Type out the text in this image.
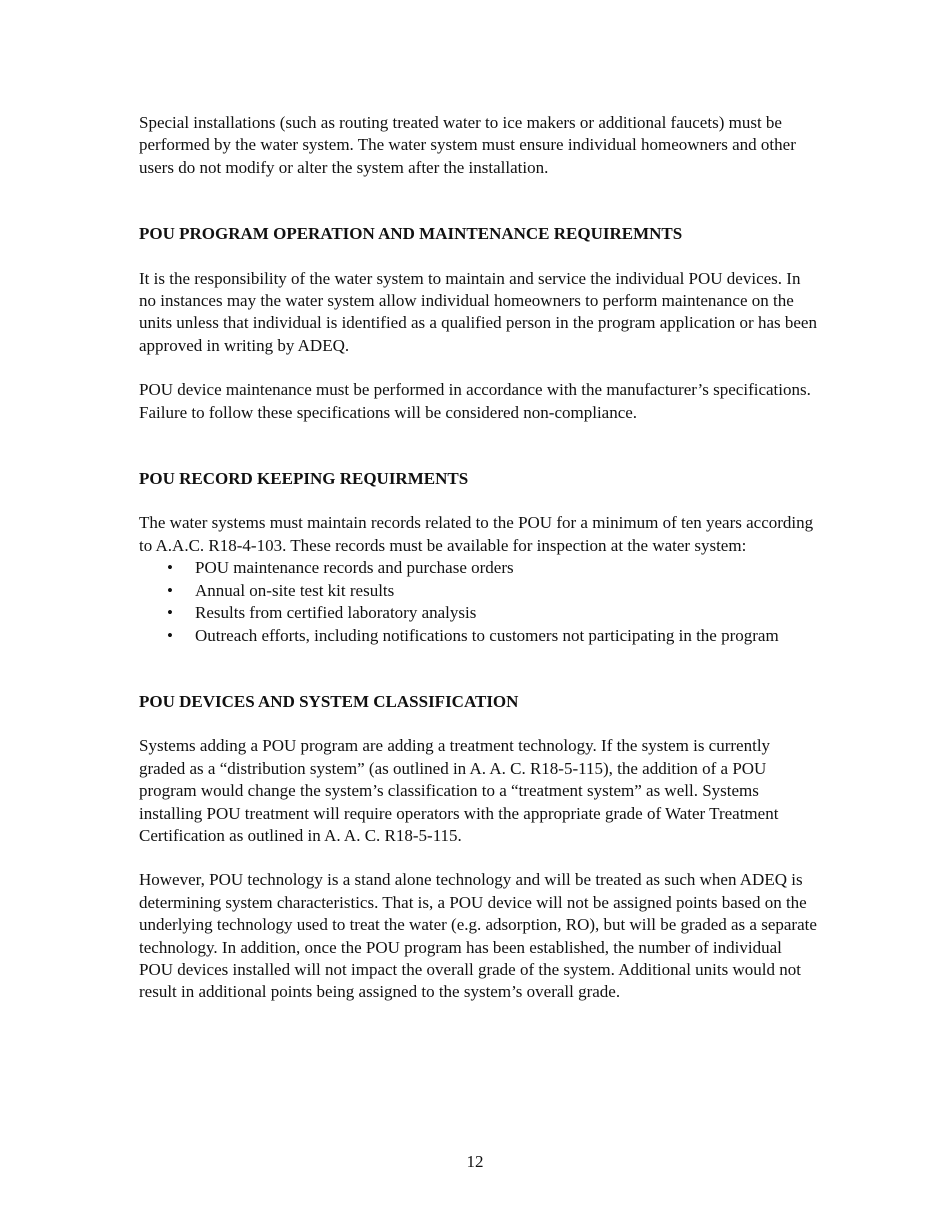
Special installations (such as routing treated water to ice makers or additional faucets) must be performed by the water system. The water system must ensure individual homeowners and other users do not modify or alter the system after the installation.

POU PROGRAM OPERATION AND MAINTENANCE REQUIREMNTS

It is the responsibility of the water system to maintain and service the individual POU devices. In no instances may the water system allow individual homeowners to perform maintenance on the units unless that individual is identified as a qualified person in the program application or has been approved in writing by ADEQ.

POU device maintenance must be performed in accordance with the manufacturer’s specifications. Failure to follow these specifications will be considered non-compliance.

POU RECORD KEEPING REQUIRMENTS

The water systems must maintain records related to the POU for a minimum of ten years according to A.A.C. R18-4-103. These records must be available for inspection at the water system:

• POU maintenance records and purchase orders
• Annual on-site test kit results
• Results from certified laboratory analysis
• Outreach efforts, including notifications to customers not participating in the program
POU DEVICES AND SYSTEM CLASSIFICATION

Systems adding a POU program are adding a treatment technology. If the system is currently graded as a “distribution system” (as outlined in A. A. C. R18-5-115), the addition of a POU program would change the system’s classification to a “treatment system” as well. Systems installing POU treatment will require operators with the appropriate grade of Water Treatment Certification as outlined in A. A. C. R18-5-115.

However, POU technology is a stand alone technology and will be treated as such when ADEQ is determining system characteristics. That is, a POU device will not be assigned points based on the underlying technology used to treat the water (e.g. adsorption, RO), but will be graded as a separate technology. In addition, once the POU program has been established, the number of individual POU devices installed will not impact the overall grade of the system. Additional units would not result in additional points being assigned to the system’s overall grade.

12
